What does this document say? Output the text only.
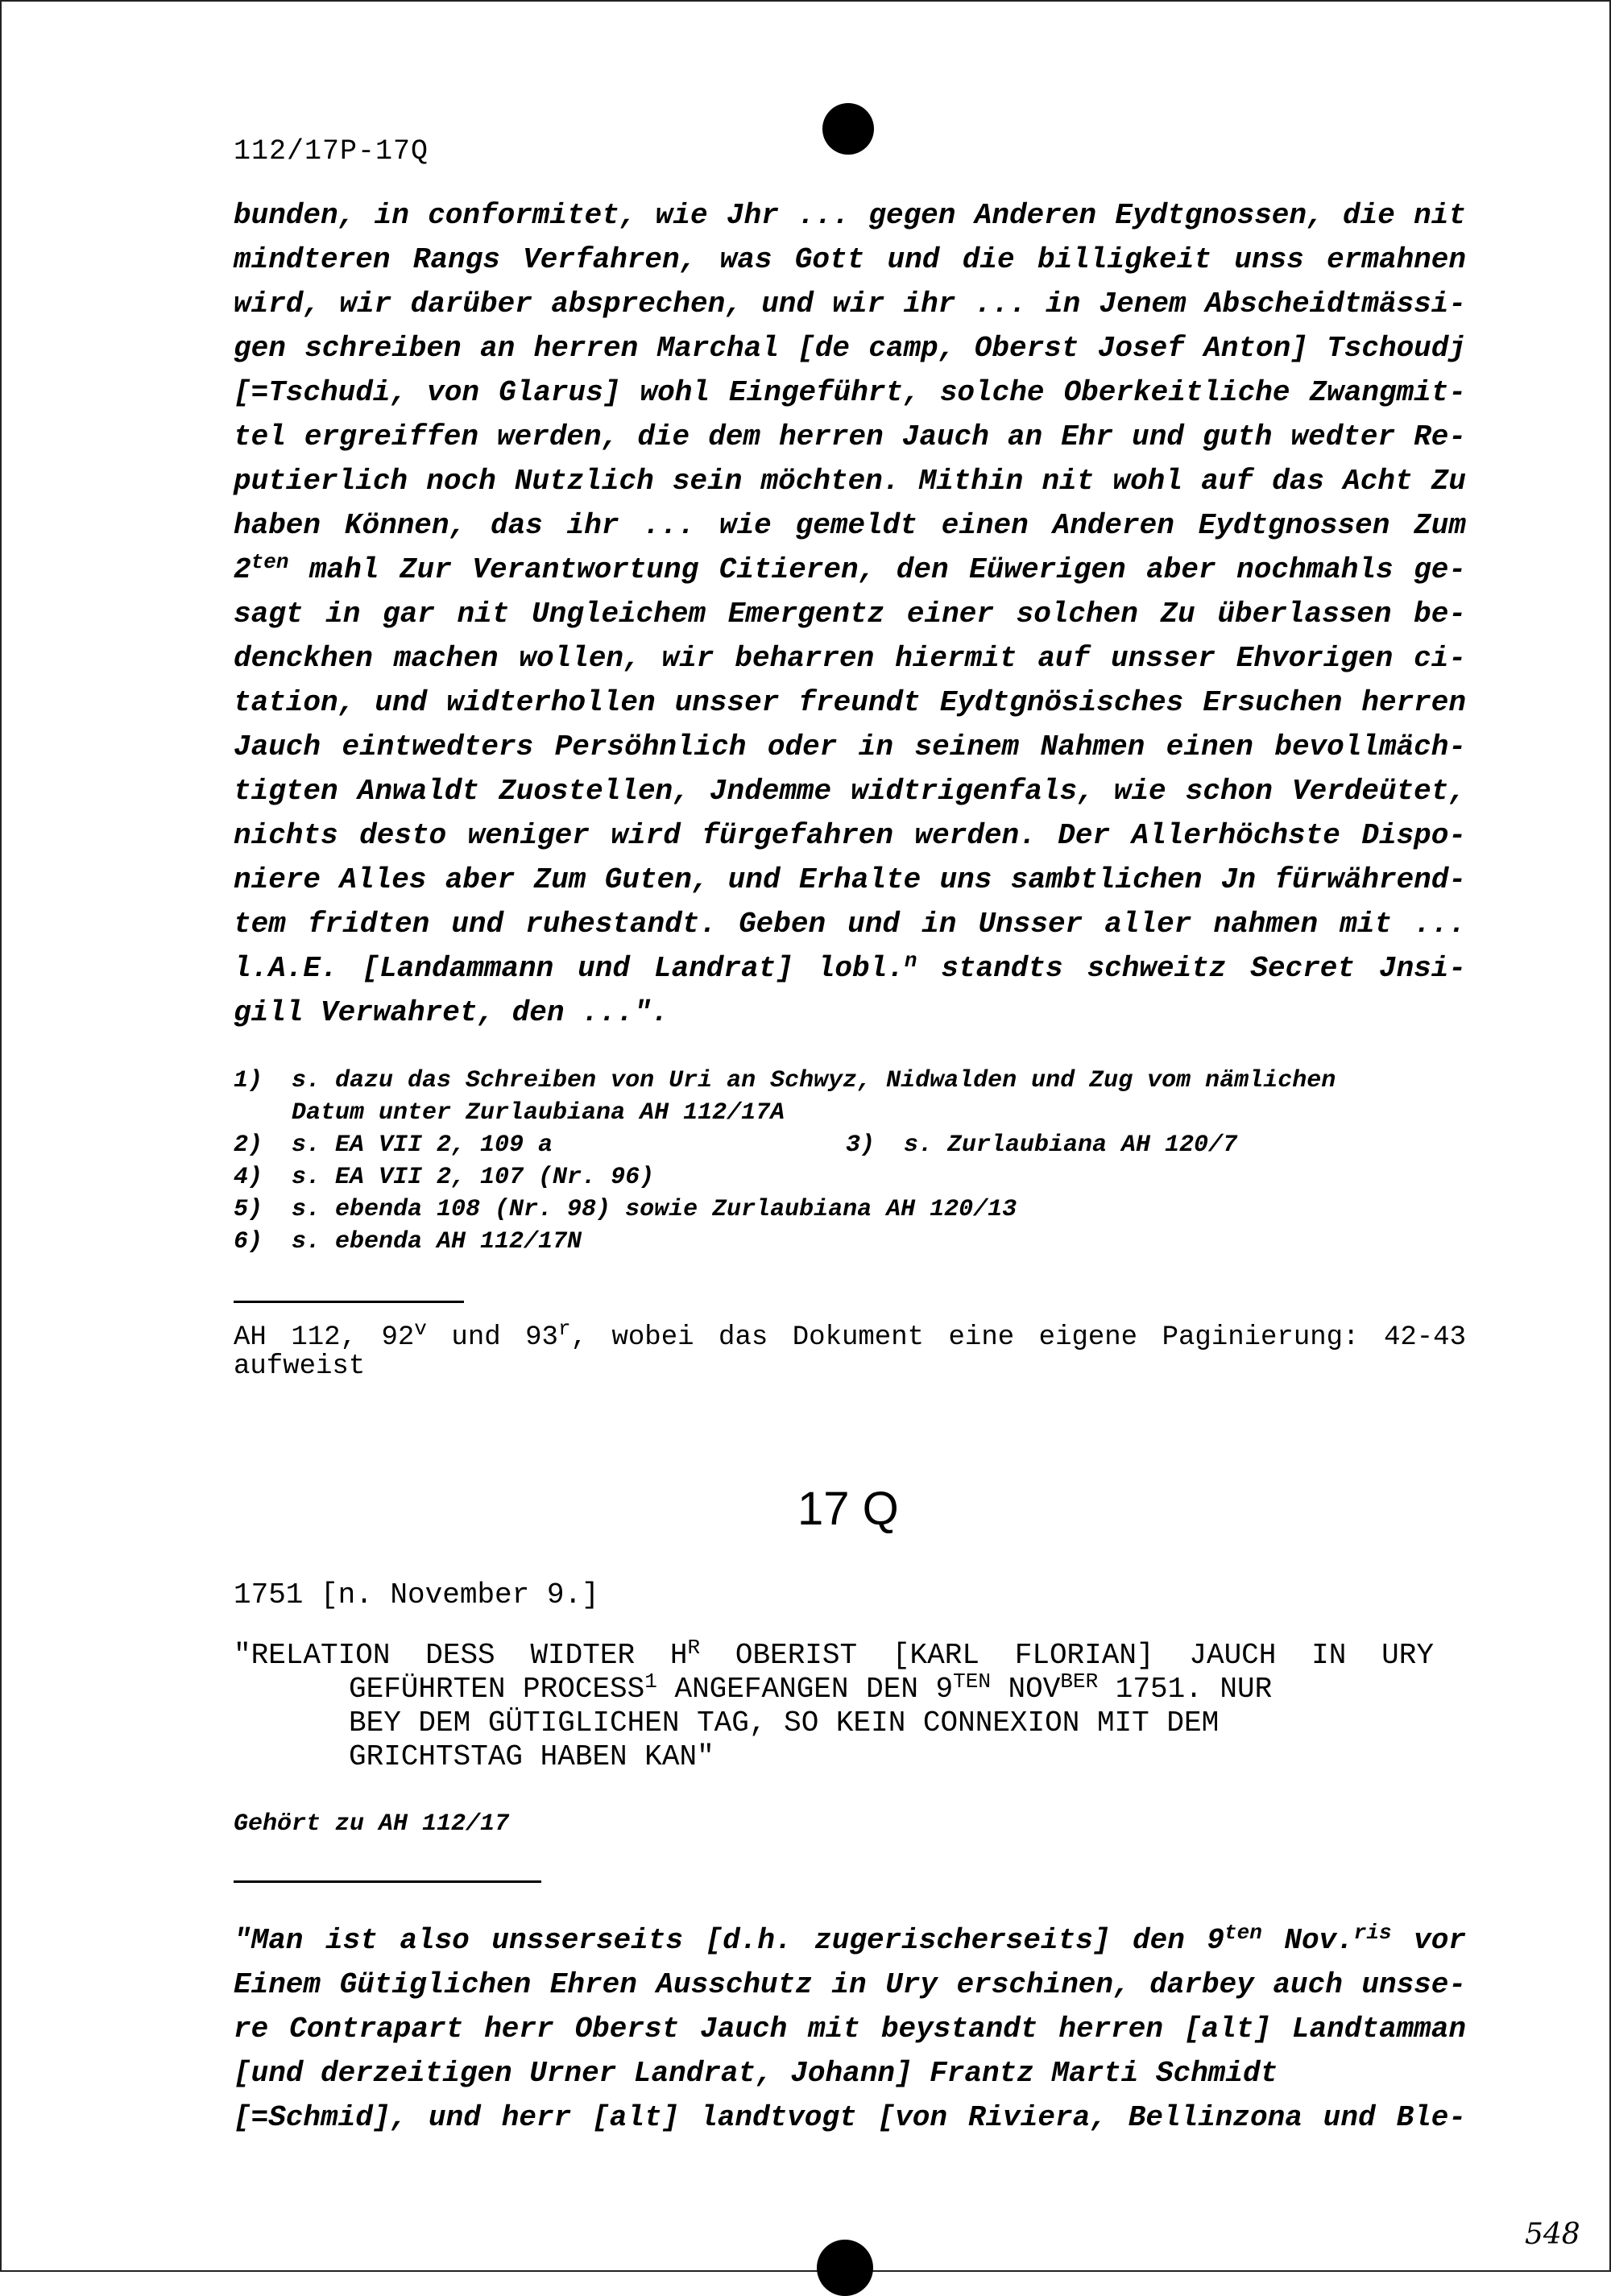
112/17P-17Q
bunden, in conformitet, wie Jhr ... gegen Anderen Eydtgnossen, die nit
mindteren Rangs Verfahren, was Gott und die billigkeit unss ermahnen
wird, wir darüber absprechen, und wir ihr ... in Jenem Abscheidtmässi-
gen schreiben an herren Marchal [de camp, Oberst Josef Anton] Tschoudj
[=Tschudi, von Glarus] wohl Eingeführt, solche Oberkeitliche Zwangmit-
tel ergreiffen werden, die dem herren Jauch an Ehr und guth wedter Re-
putierlich noch Nutzlich sein möchten. Mithin nit wohl auf das Acht Zu
haben Können, das ihr ... wie gemeldt einen Anderen Eydtgnossen Zum
$2^{ten}$ mahl Zur Verantwortung Citieren, den Eüwerigen aber nochmahls ge-
sagt in gar nit Ungleichem Emergentz einer solchen Zu überlassen be-
denckhen machen wollen, wir beharren hiermit auf unsser Ehvorigen ci-
tation, und widterhollen unsser freundt Eydtgnösisches Ersuchen herren
Jauch eintwedters Persöhnlich oder in seinem Nahmen einen bevollmäch-
tigten Anwaldt Zuostellen, Jndemme widtrigenfals, wie schon Verdeütet,
nichts desto weniger wird fürgefahren werden. Der Allerhöchste Dispo-
niere Alles aber Zum Guten, und Erhalte uns sambtlichen Jn fürwährend-
tem fridten und ruhestandt. Geben und in Unsser aller nahmen mit ...
l.A.E. [Landammann und Landrat] lobl.$^n$ standts schweitz Secret Jnsi-
gill Verwahret, den ...".
1)	s. dazu das Schreiben von Uri an Schwyz, Nidwalden und Zug vom nämlichen
Datum unter Zurlaubiana AH 112/17A
2)	s. EA VII 2, 109 a	3) s. Zurlaubiana AH 120/7
4)	s. EA VII 2, 107 (Nr. 96)
5)	s. ebenda 108 (Nr. 98) sowie Zurlaubiana AH 120/13
6)	s. ebenda AH 112/17N
AH 112, 92$^v$ und 93$^r$, wobei das Dokument eine eigene Paginierung: 42-43
aufweist
17 Q
1751 [n. November 9.]
"RELATION DESS WIDTER $H^R$ OBERIST [KARL FLORIAN] JAUCH IN URY
GEFÜHRTEN PROCESS$^1$ ANGEFANGEN DEN $9^{TEN}$ $NOV^{BER}$ 1751. NUR
BEY DEM GÜTIGLICHEN TAG, SO KEIN CONNEXION MIT DEM
GRICHTSTAG HABEN KAN"
Gehört zu AH 112/17
"Man ist also unsserseits [d.h. zugerischerseits] den $9^{ten}$ Nov.$^{ris}$ vor
Einem Gütiglichen Ehren Ausschutz in Ury erschinen, darbey auch unsse-
re Contrapart herr Oberst Jauch mit beystandt herren [alt] Landtamman
[und derzeitigen Urner Landrat, Johann] Frantz Marti Schmidt
[=Schmid], und herr [alt] landtvogt [von Riviera, Bellinzona und Ble-
548
